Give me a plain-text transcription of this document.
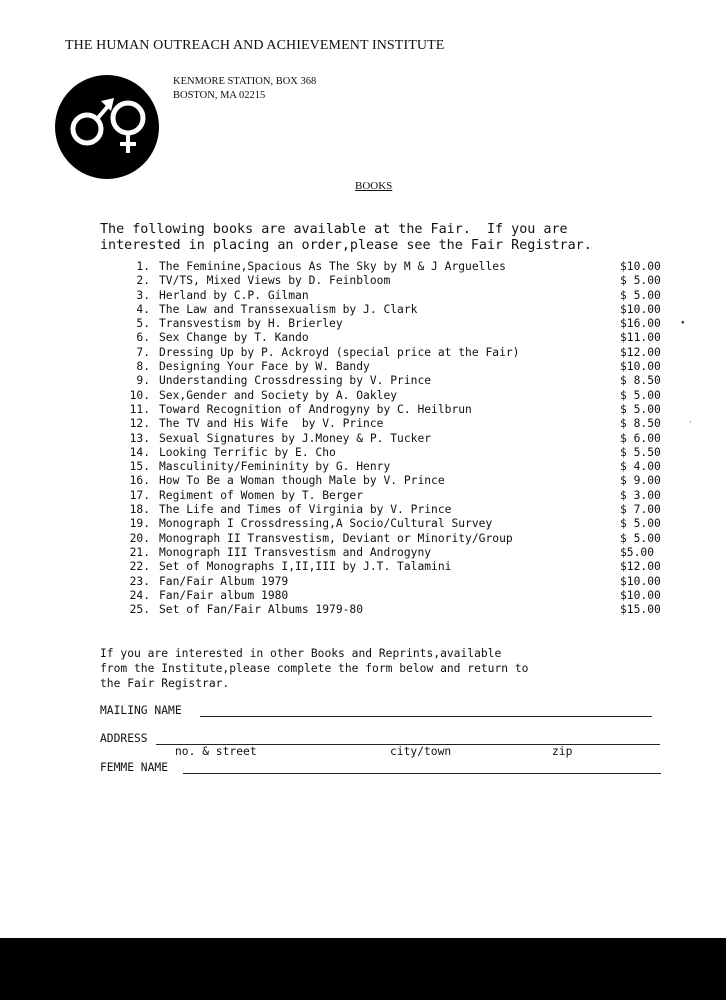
THE HUMAN OUTREACH AND ACHIEVEMENT INSTITUTE
KENMORE STATION, BOX 368
BOSTON, MA 02215
BOOKS
The following books are available at the Fair.  If you are
interested in placing an order,please see the Fair Registrar.
1. The Feminine,Spacious As The Sky by M & J Arguelles	$10.00
2. TV/TS, Mixed Views by D. Feinbloom	$ 5.00
3. Herland by C.P. Gilman	$ 5.00
4. The Law and Transsexualism by J. Clark	$10.00
5. Transvestism by H. Brierley	$16.00
6. Sex Change by T. Kando	$11.00
7. Dressing Up by P. Ackroyd (special price at the Fair)	$12.00
8. Designing Your Face by W. Bandy	$10.00
9. Understanding Crossdressing by V. Prince	$ 8.50
10. Sex,Gender and Society by A. Oakley	$ 5.00
11. Toward Recognition of Androgyny by C. Heilbrun	$ 5.00
12. The TV and His Wife  by V. Prince	$ 8.50
13. Sexual Signatures by J.Money & P. Tucker	$ 6.00
14. Looking Terrific by E. Cho	$ 5.50
15. Masculinity/Femininity by G. Henry	$ 4.00
16. How To Be a Woman though Male by V. Prince	$ 9.00
17. Regiment of Women by T. Berger	$ 3.00
18. The Life and Times of Virginia by V. Prince	$ 7.00
19. Monograph I Crossdressing,A Socio/Cultural Survey	$ 5.00
20. Monograph II Transvestism, Deviant or Minority/Group	$ 5.00
21. Monograph III Transvestism and Androgyny	$5.00
22. Set of Monographs I,II,III by J.T. Talamini	$12.00
23. Fan/Fair Album 1979	$10.00
24. Fan/Fair album 1980	$10.00
25. Set of Fan/Fair Albums 1979-80	$15.00
•
·
If you are interested in other Books and Reprints,available
from the Institute,please complete the form below and return to
the Fair Registrar.
MAILING NAME
ADDRESS
no. & street	city/town	zip
FEMME NAME
